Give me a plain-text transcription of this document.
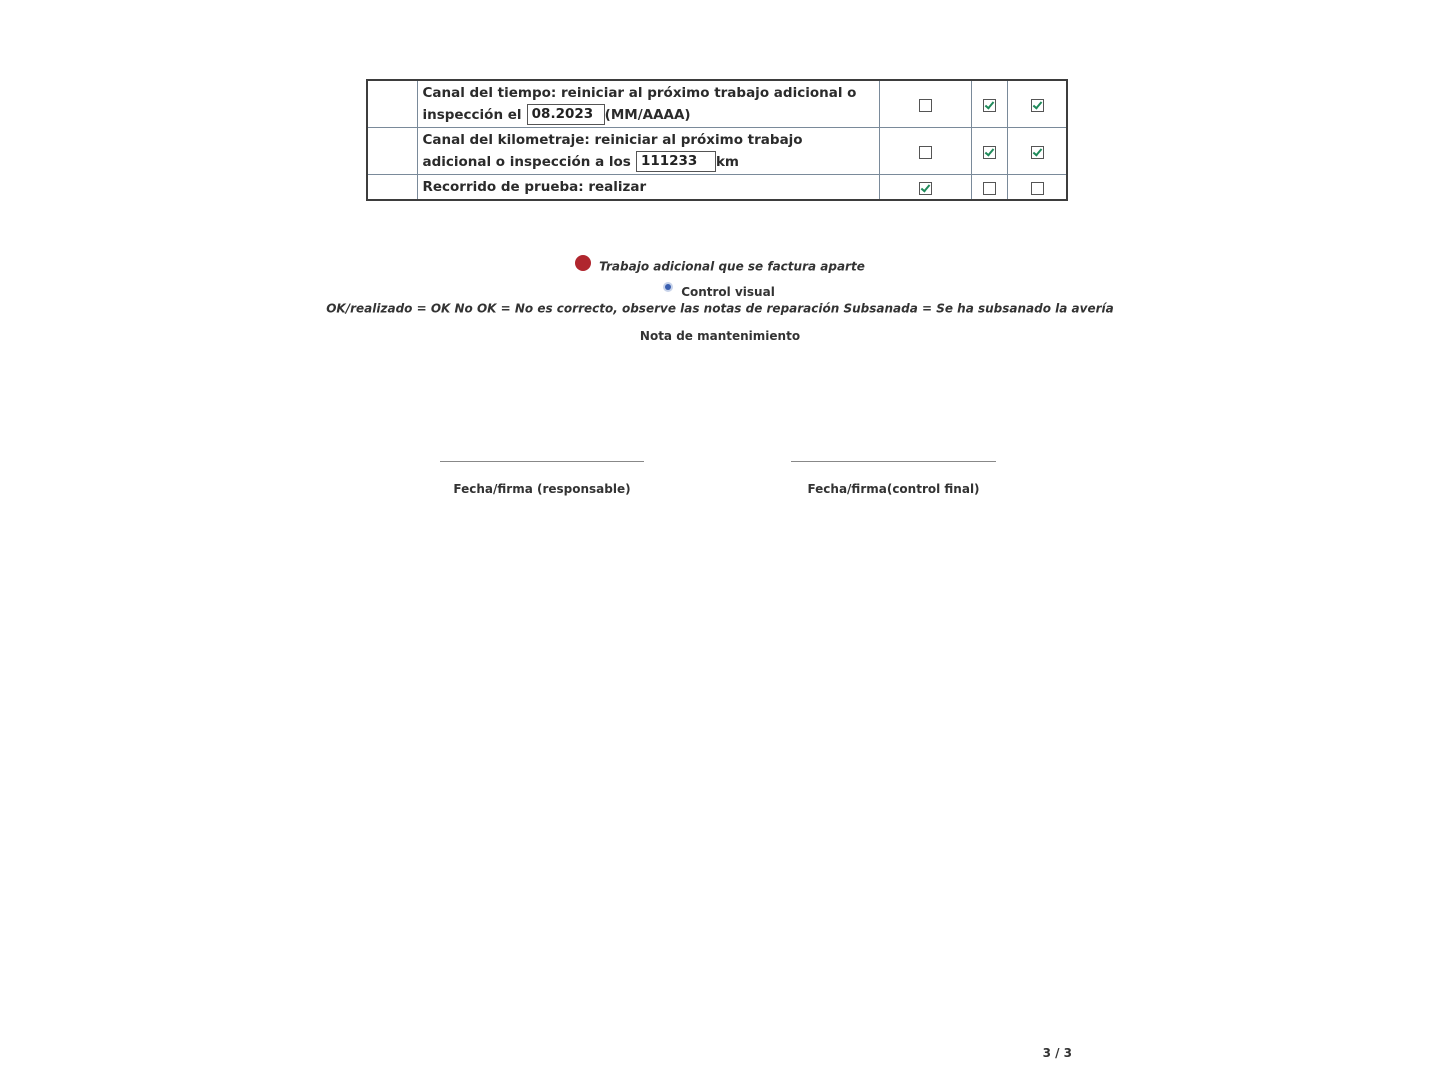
	Canal del tiempo: reiniciar al próximo trabajo adicional o inspección el 08.2023 (MM/AAAA)			
	Canal del kilometraje: reiniciar al próximo trabajo adicional o inspección a los 111233 km			
	Recorrido de prueba: realizar			
Trabajo adicional que se factura aparte
Control visual
OK/realizado = OK No OK = No es correcto, observe las notas de reparación Subsanada = Se ha subsanado la avería
Nota de mantenimiento
Fecha/firma (responsable)	Fecha/firma(control final)
3 / 3
